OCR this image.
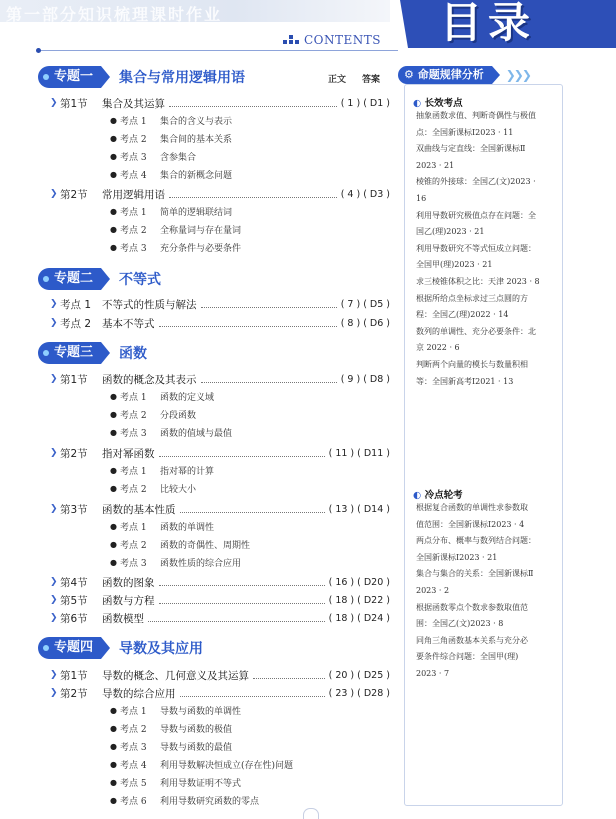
第一部分知识梳理课时作业
CONTENTS 目录
正文 答案
专题一	集合与常用逻辑用语
❯ 第1节	集合及其运算	( 1 ) ( D1 )
● 考点 1	集合的含义与表示
● 考点 2	集合间的基本关系
● 考点 3	含参集合
● 考点 4	集合的新概念问题
❯ 第2节	常用逻辑用语	( 4 ) ( D3 )
● 考点 1	简单的逻辑联结词
● 考点 2	全称量词与存在量词
● 考点 3	充分条件与必要条件
专题二	不等式
❯ 考点 1	不等式的性质与解法	( 7 ) ( D5 )
❯ 考点 2	基本不等式	( 8 ) ( D6 )
专题三	函数
❯ 第1节	函数的概念及其表示	( 9 ) ( D8 )
● 考点 1	函数的定义域
● 考点 2	分段函数
● 考点 3	函数的值域与最值
❯ 第2节	指对幂函数	( 11 ) ( D11 )
● 考点 1	指对幂的计算
● 考点 2	比较大小
❯ 第3节	函数的基本性质	( 13 ) ( D14 )
● 考点 1	函数的单调性
● 考点 2	函数的奇偶性、周期性
● 考点 3	函数性质的综合应用
❯ 第4节	函数的图象	( 16 ) ( D20 )
❯ 第5节	函数与方程	( 18 ) ( D22 )
❯ 第6节	函数模型	( 18 ) ( D24 )
专题四	导数及其应用
❯ 第1节	导数的概念、几何意义及其运算	( 20 ) ( D25 )
❯ 第2节	导数的综合应用	( 23 ) ( D28 )
● 考点 1	导数与函数的单调性
● 考点 2	导数与函数的极值
● 考点 3	导数与函数的最值
● 考点 4	利用导数解决恒成立(存在性)问题
● 考点 5	利用导数证明不等式
● 考点 6	利用导数研究函数的零点
⚙ 命题规律分析	❯❯❯
◐ 长效考点

抽象函数求值、判断奇偶性与极值

点：全国新课标Ⅰ2023 · 11

双曲线与定直线：全国新课标Ⅱ

2023 · 21

棱锥的外接球：全国乙(文)2023 ·

16

利用导数研究极值点存在问题：全

国乙(理)2023 · 21

利用导数研究不等式恒成立问题：

全国甲(理)2023 · 21

求三棱锥体积之比：天津 2023 · 8

根据所给点坐标求过三点圆的方

程：全国乙(理)2022 · 14

数列的单调性、充分必要条件：北

京 2022 · 6

判断两个向量的模长与数量积相

等：全国新高考Ⅰ2021 · 13

◐ 冷点轮考

根据复合函数的单调性求参数取

值范围：全国新课标Ⅰ2023 · 4

两点分布、概率与数列结合问题：

全国新课标Ⅰ2023 · 21

集合与集合的关系：全国新课标Ⅱ

2023 · 2

根据函数零点个数求参数取值范

围：全国乙(文)2023 · 8

同角三角函数基本关系与充分必

要条件综合问题：全国甲(理)

2023 · 7
